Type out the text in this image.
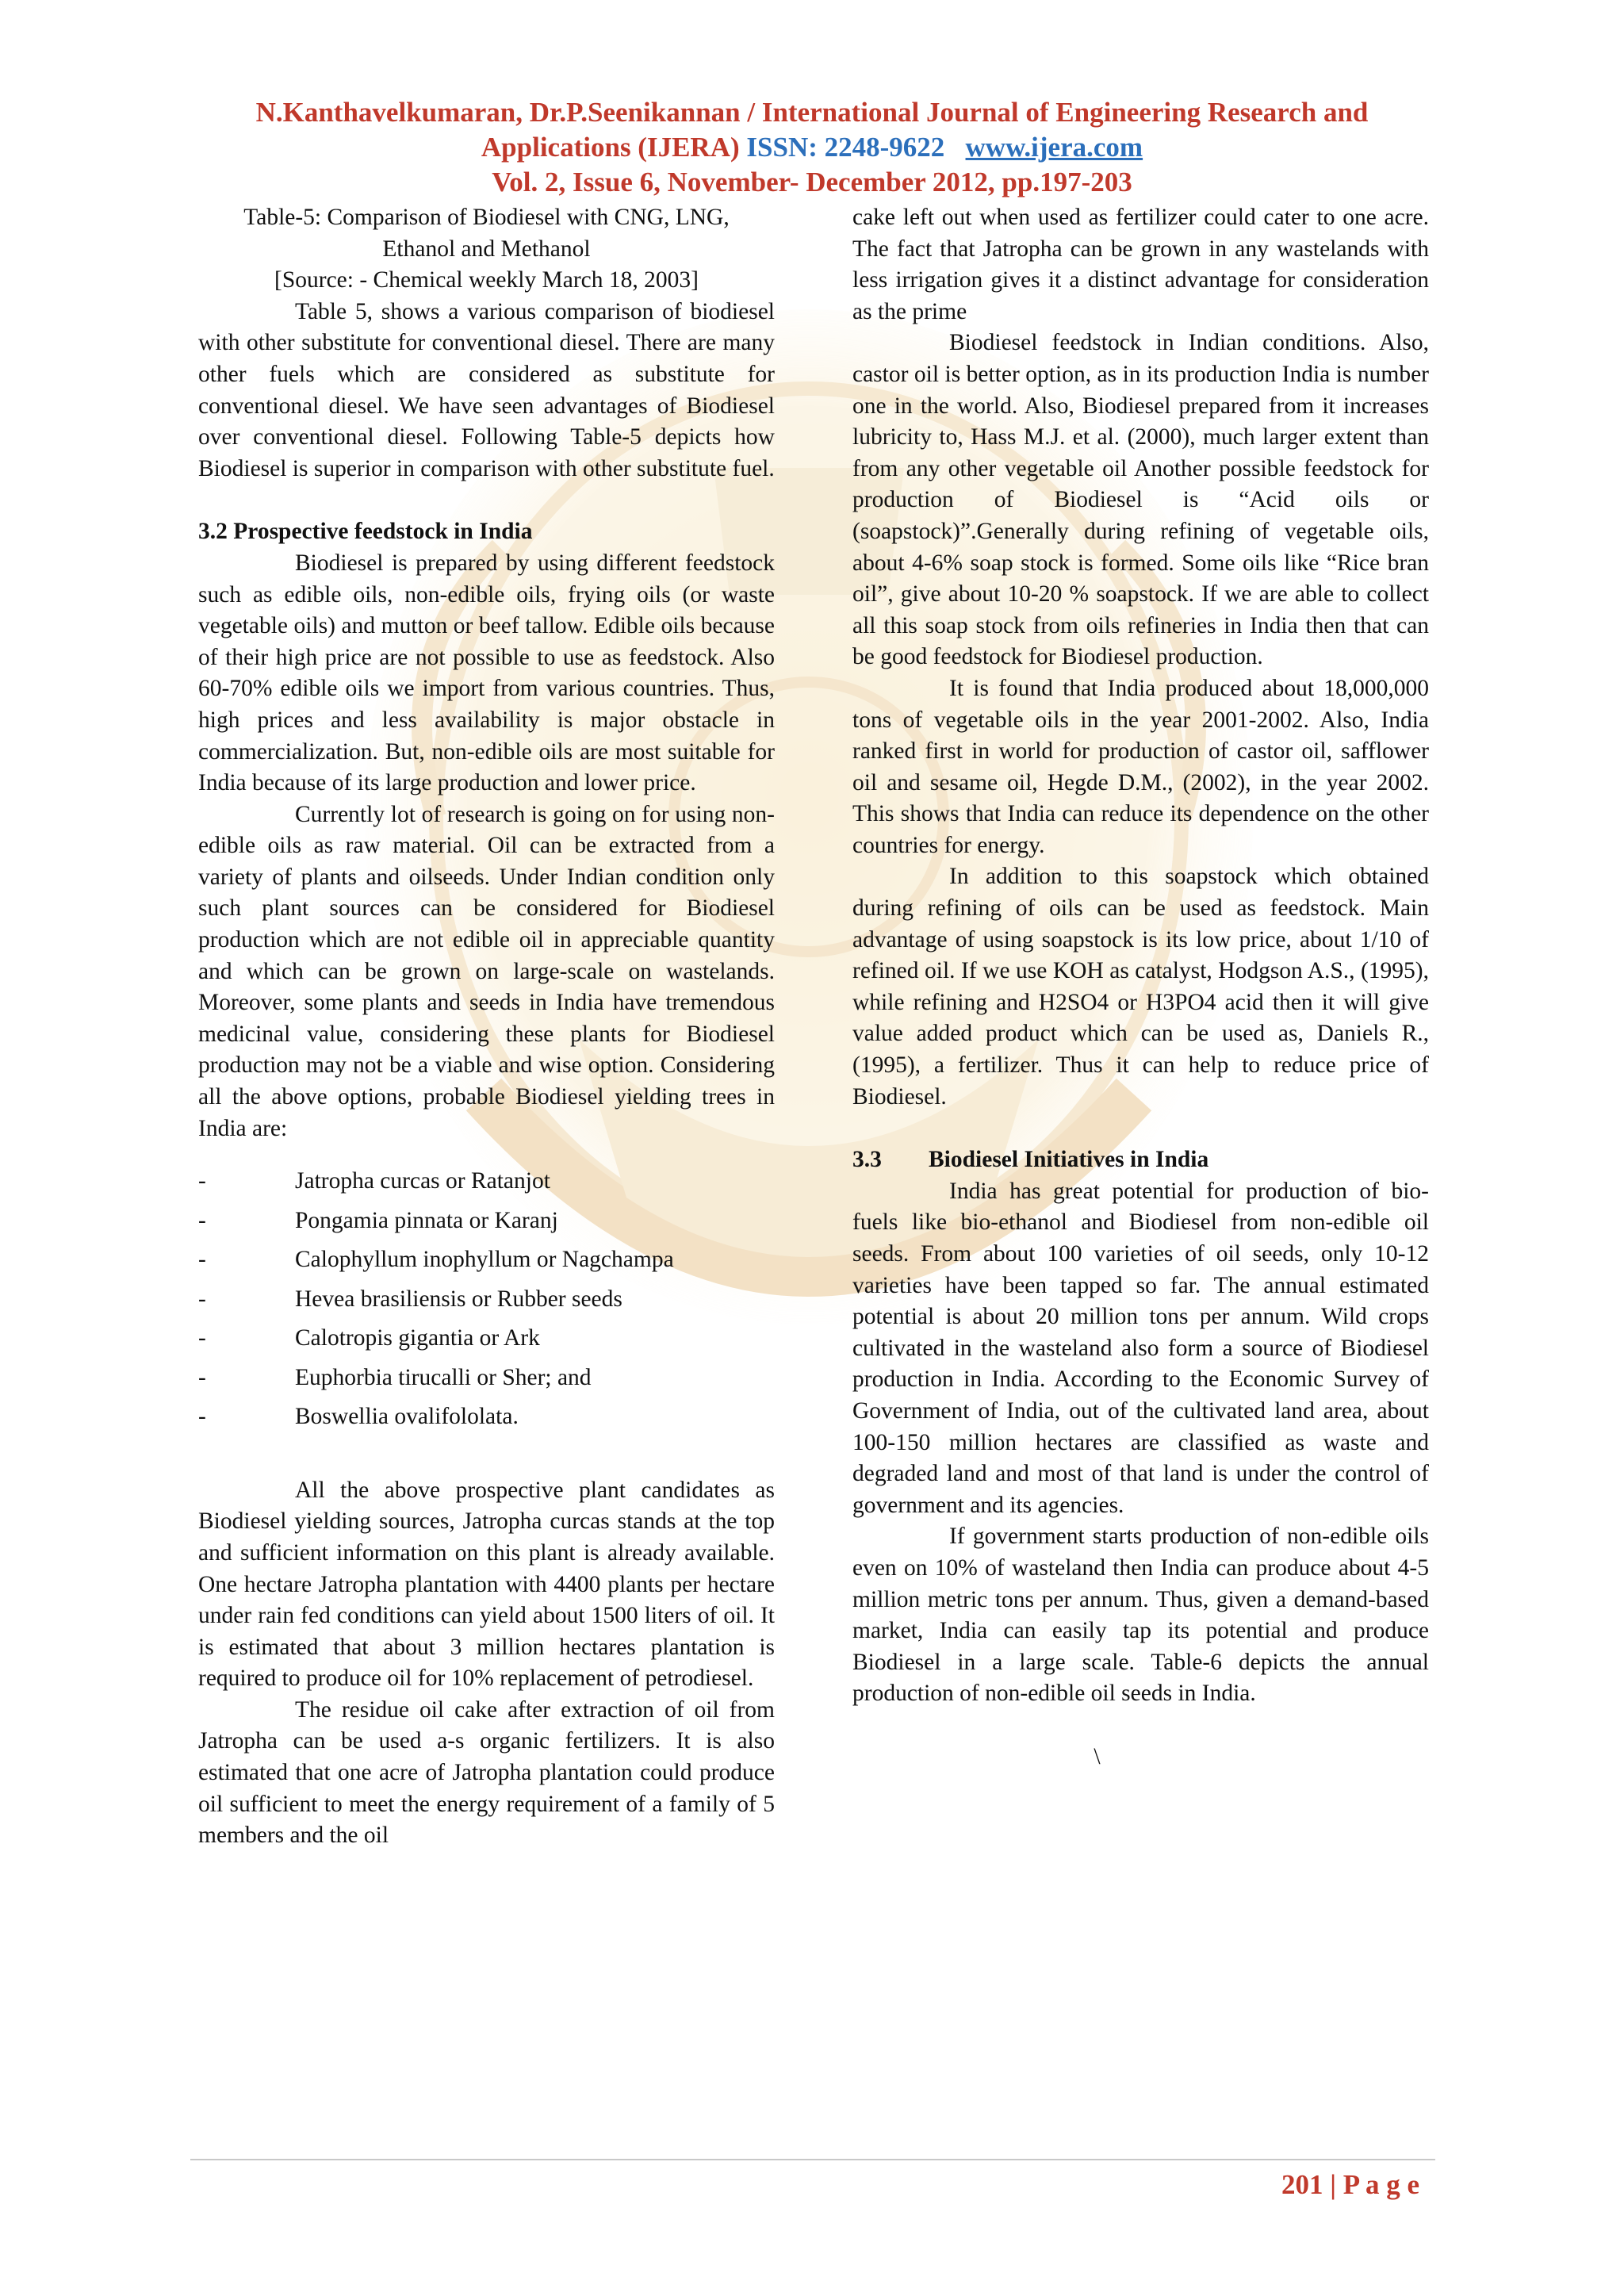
N.Kanthavelkumaran, Dr.P.Seenikannan / International Journal of Engineering Research and
Applications (IJERA) ISSN: 2248-9622 www.ijera.com
Vol. 2, Issue 6, November- December 2012, pp.197-203

Table-5: Comparison of Biodiesel with CNG, LNG,

Ethanol and Methanol

[Source: - Chemical weekly March 18, 2003]

Table 5, shows a various comparison of biodiesel with other substitute for conventional diesel. There are many other fuels which are considered as substitute for conventional diesel. We have seen advantages of Biodiesel over conventional diesel. Following Table-5 depicts how Biodiesel is superior in comparison with other substitute fuel.

3.2 Prospective feedstock in India

Biodiesel is prepared by using different feedstock such as edible oils, non-edible oils, frying oils (or waste vegetable oils) and mutton or beef tallow. Edible oils because of their high price are not possible to use as feedstock. Also 60-70% edible oils we import from various countries. Thus, high prices and less availability is major obstacle in commercialization. But, non-edible oils are most suitable for India because of its large production and lower price.

Currently lot of research is going on for using non-edible oils as raw material. Oil can be extracted from a variety of plants and oilseeds. Under Indian condition only such plant sources can be considered for Biodiesel production which are not edible oil in appreciable quantity and which can be grown on large-scale on wastelands. Moreover, some plants and seeds in India have tremendous medicinal value, considering these plants for Biodiesel production may not be a viable and wise option. Considering all the above options, probable Biodiesel yielding trees in India are:

-	Jatropha curcas or Ratanjot
-	Pongamia pinnata or Karanj
-	Calophyllum inophyllum or Nagchampa
-	Hevea brasiliensis or Rubber seeds
-	Calotropis gigantia or Ark
-	Euphorbia tirucalli or Sher; and
-	Boswellia ovalifololata.

All the above prospective plant candidates as Biodiesel yielding sources, Jatropha curcas stands at the top and sufficient information on this plant is already available. One hectare Jatropha plantation with 4400 plants per hectare under rain fed conditions can yield about 1500 liters of oil. It is estimated that about 3 million hectares plantation is required to produce oil for 10% replacement of petrodiesel.

The residue oil cake after extraction of oil from Jatropha can be used a-s organic fertilizers. It is also estimated that one acre of Jatropha plantation could produce oil sufficient to meet the energy requirement of a family of 5 members and the oil

cake left out when used as fertilizer could cater to one acre. The fact that Jatropha can be grown in any wastelands with less irrigation gives it a distinct advantage for consideration as the prime

Biodiesel feedstock in Indian conditions. Also, castor oil is better option, as in its production India is number one in the world. Also, Biodiesel prepared from it increases lubricity to, Hass M.J. et al. (2000), much larger extent than from any other vegetable oil Another possible feedstock for production of Biodiesel is “Acid oils or (soapstock)”.Generally during refining of vegetable oils, about 4-6% soap stock is formed. Some oils like “Rice bran oil”, give about 10-20 % soapstock. If we are able to collect all this soap stock from oils refineries in India then that can be good feedstock for Biodiesel production.

It is found that India produced about 18,000,000 tons of vegetable oils in the year 2001-2002. Also, India ranked first in world for production of castor oil, safflower oil and sesame oil, Hegde D.M., (2002), in the year 2002. This shows that India can reduce its dependence on the other countries for energy.

In addition to this soapstock which obtained during refining of oils can be used as feedstock. Main advantage of using soapstock is its low price, about 1/10 of refined oil. If we use KOH as catalyst, Hodgson A.S., (1995), while refining and H2SO4 or H3PO4 acid then it will give value added product which can be used as, Daniels R., (1995), a fertilizer. Thus it can help to reduce price of Biodiesel.

3.3 Biodiesel Initiatives in India

India has great potential for production of bio-fuels like bio-ethanol and Biodiesel from non-edible oil seeds. From about 100 varieties of oil seeds, only 10-12 varieties have been tapped so far. The annual estimated potential is about 20 million tons per annum. Wild crops cultivated in the wasteland also form a source of Biodiesel production in India. According to the Economic Survey of Government of India, out of the cultivated land area, about 100-150 million hectares are classified as waste and degraded land and most of that land is under the control of government and its agencies.

If government starts production of non-edible oils even on 10% of wasteland then India can produce about 4-5 million metric tons per annum. Thus, given a demand-based market, India can easily tap its potential and produce Biodiesel in a large scale. Table-6 depicts the annual production of non-edible oil seeds in India.

\

201 | P a g e
